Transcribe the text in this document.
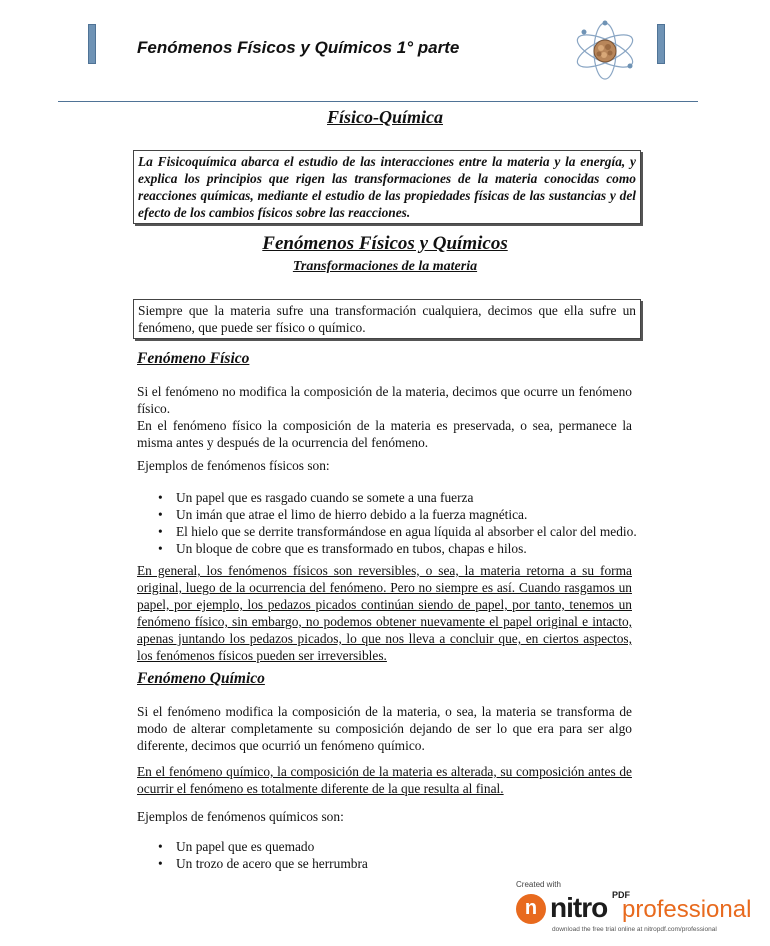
Fenómenos Físicos y Químicos 1° parte
Físico-Química
La Fisicoquímica abarca el estudio de las interacciones entre la materia y la energía, y explica los principios que rigen las transformaciones de la materia conocidas como reacciones químicas, mediante el estudio de las propiedades físicas de las sustancias y del efecto de los cambios físicos sobre las reacciones.
Fenómenos Físicos y Químicos
Transformaciones de la materia
Siempre que la materia sufre una transformación cualquiera, decimos que ella sufre un fenómeno, que puede ser físico o químico.
Fenómeno Físico
Si el fenómeno no modifica la composición de la materia, decimos que ocurre un fenómeno físico.
En el fenómeno físico la composición de la materia es preservada, o sea, permanece la misma antes y después de la ocurrencia del fenómeno.
Ejemplos de fenómenos físicos son:
• Un papel que es rasgado cuando se somete a una fuerza
• Un imán que atrae el limo de hierro debido a la fuerza magnética.
• El hielo que se derrite transformándose en agua líquida al absorber el calor del medio.
• Un bloque de cobre que es transformado en tubos, chapas e hilos.
En general, los fenómenos físicos son reversibles, o sea, la materia retorna a su forma original, luego de la ocurrencia del fenómeno. Pero no siempre es así. Cuando rasgamos un papel, por ejemplo, los pedazos picados continúan siendo de papel, por tanto, tenemos un fenómeno físico, sin embargo, no podemos obtener nuevamente el papel original e intacto, apenas juntando los pedazos picados, lo que nos lleva a concluir que, en ciertos aspectos, los fenómenos físicos pueden ser irreversibles.
Fenómeno Químico
Si el fenómeno modifica la composición de la materia, o sea, la materia se transforma de modo de alterar completamente su composición dejando de ser lo que era para ser algo diferente, decimos que ocurrió un fenómeno químico.
En el fenómeno químico, la composición de la materia es alterada, su composición antes de ocurrir el fenómeno es totalmente diferente de la que resulta al final.
Ejemplos de fenómenos químicos son:
• Un papel que es quemado
• Un trozo de acero que se herrumbra
Created with
n nitro PDF
professional
download the free trial online at nitropdf.com/professional
